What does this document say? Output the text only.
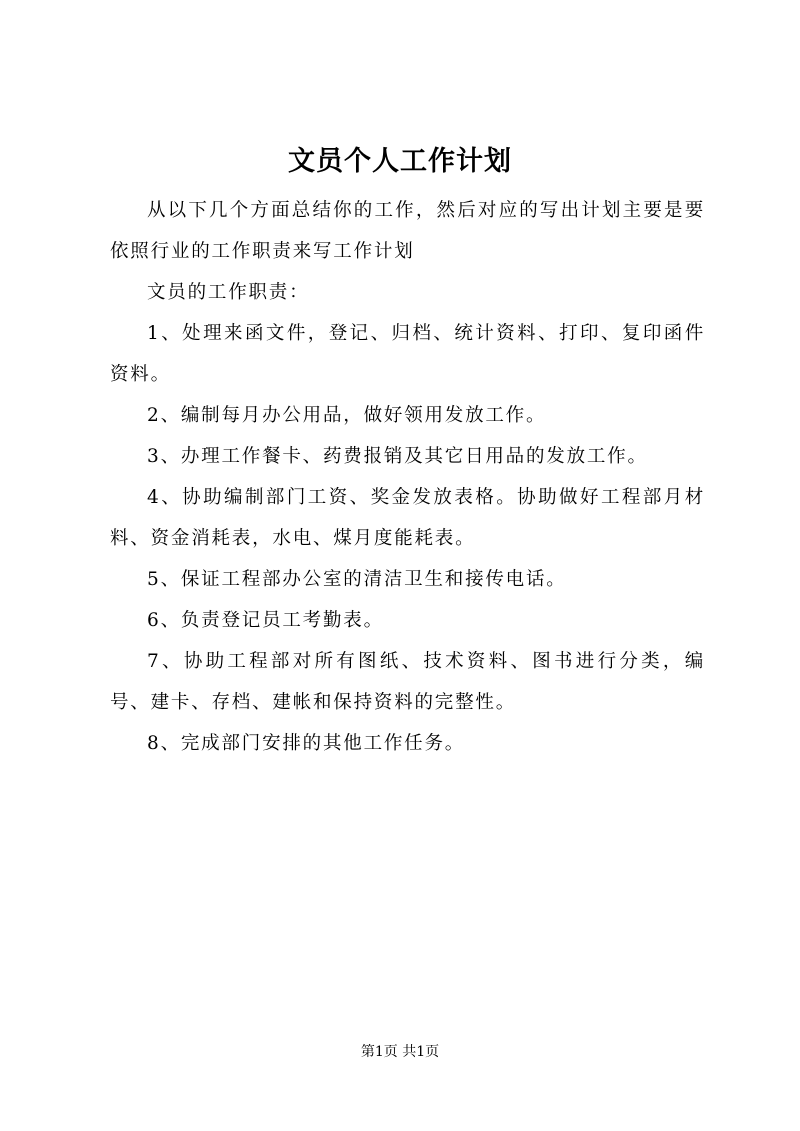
文员个人工作计划

从以下几个方面总结你的工作，然后对应的写出计划主要是要依照行业的工作职责来写工作计划

文员的工作职责：

1、处理来函文件，登记、归档、统计资料、打印、复印函件资料。

2、编制每月办公用品，做好领用发放工作。

3、办理工作餐卡、药费报销及其它日用品的发放工作。

4、协助编制部门工资、奖金发放表格。协助做好工程部月材料、资金消耗表，水电、煤月度能耗表。

5、保证工程部办公室的清洁卫生和接传电话。

6、负责登记员工考勤表。

7、协助工程部对所有图纸、技术资料、图书进行分类，编号、建卡、存档、建帐和保持资料的完整性。

8、完成部门安排的其他工作任务。

第1页 共1页
